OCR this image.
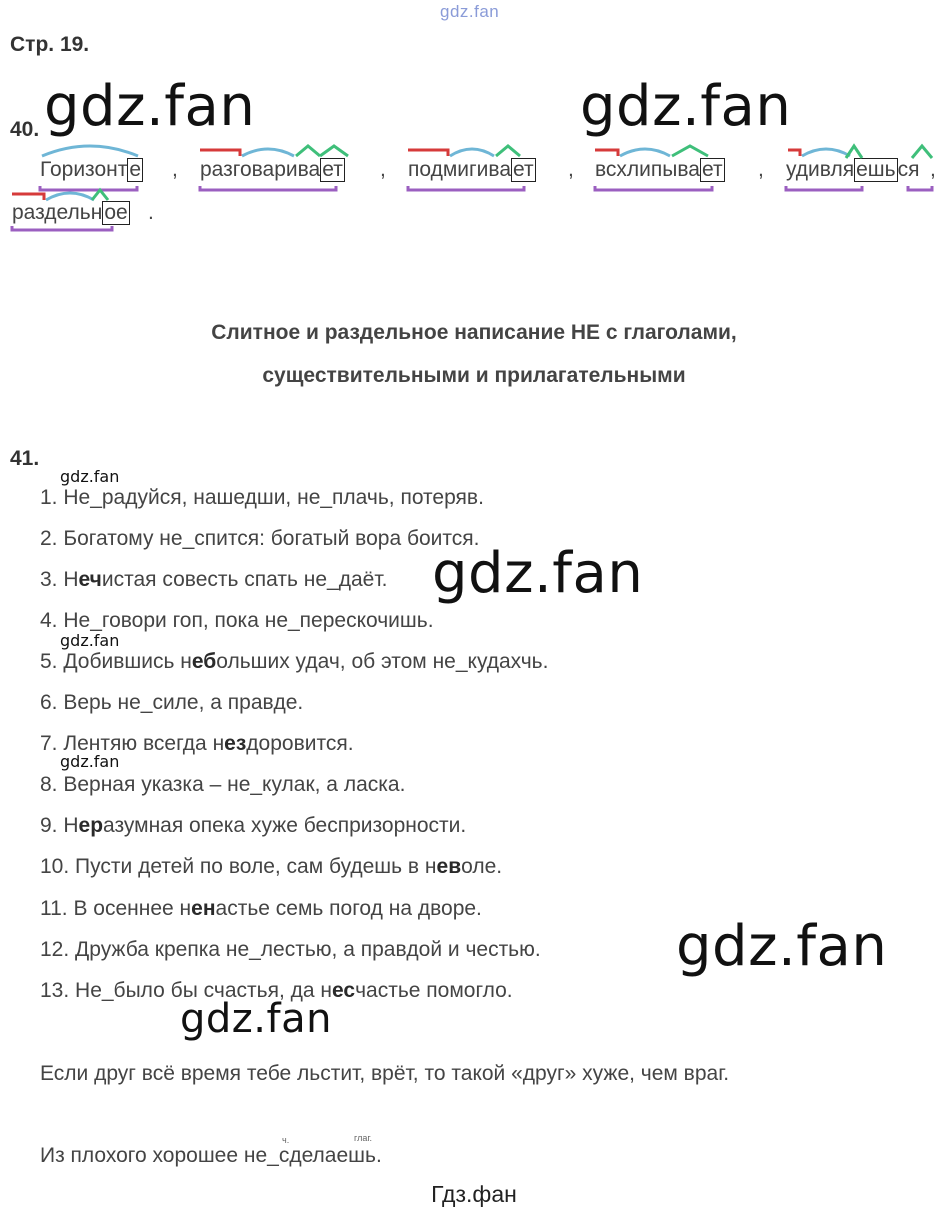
gdz.fan
Стр. 19.
gdz.fan	gdz.fan
gdz.fan
gdz.fan
gdz.fan
gdz.fan
gdz.fan
gdz.fan
40.
Горизонте , разговаривает , подмигивает , всхлипывает , удивляешься ,
раздельное .
Слитное и раздельное написание НЕ с глаголами,
существительными и прилагательными
41.
1. Не_радуйся, нашедши, не_плачь, потеряв.
2. Богатому не_спится: богатый вора боится.
3. Нечистая совесть спать не_даёт.
4. Не_говори гоп, пока не_перескочишь.
5. Добившись небольших удач, об этом не_кудахчь.
6. Верь не_силе, а правде.
7. Лентяю всегда нездоровится.
8. Верная указка – не_кулак, а ласка.
9. Неразумная опека хуже беспризорности.
10. Пусти детей по воле, сам будешь в неволе.
11. В осеннее ненастье семь погод на дворе.
12. Дружба крепка не_лестью, а правдой и честью.
13. Не_было бы счастья, да несчастье помогло.
Если друг всё время тебе льстит, врёт, то такой «друг» хуже, чем враг.
ч.	глаг.
Из плохого хорошее не_сделаешь.
Гдз.фан
